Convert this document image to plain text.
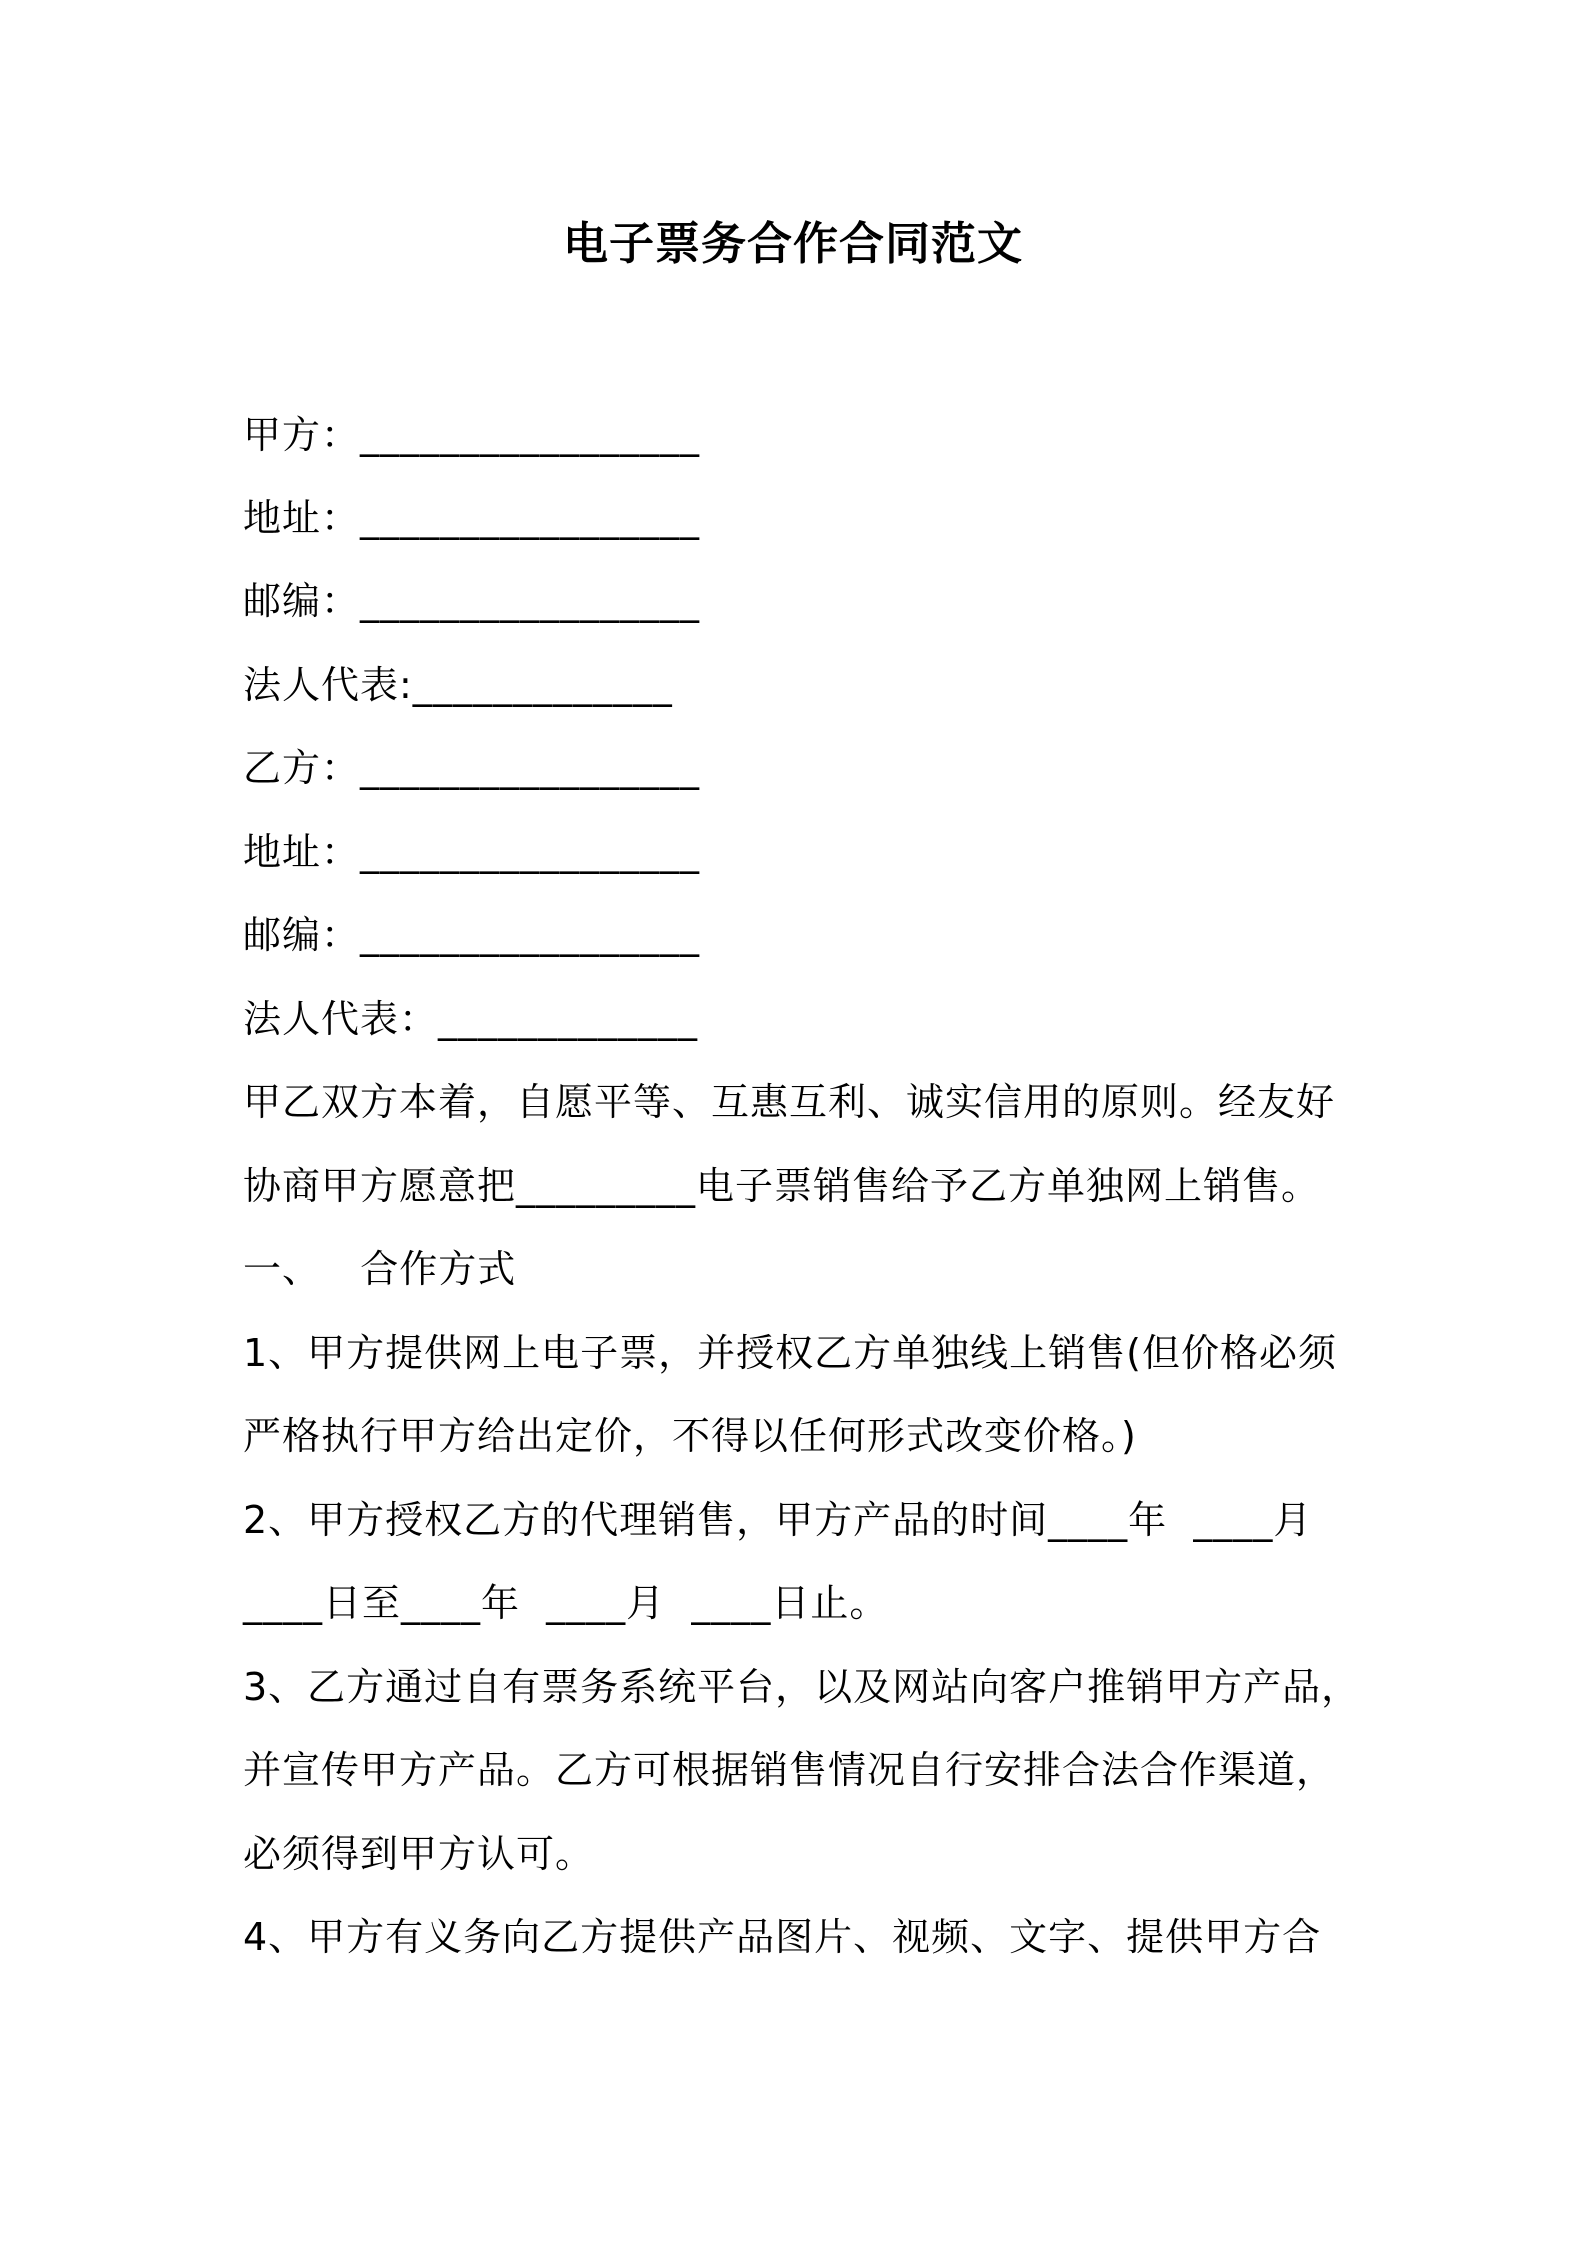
电子票务合作合同范文
甲方：_________________
地址：_________________
邮编：_________________
法人代表:_____________
乙方：_________________
地址：_________________
邮编：_________________
法人代表：_____________
甲乙双方本着，自愿平等、互惠互利、诚实信用的原则。经友好
协商甲方愿意把_________电子票销售给予乙方单独网上销售。
一、   合作方式
1、甲方提供网上电子票，并授权乙方单独线上销售(但价格必须
严格执行甲方给出定价，不得以任何形式改变价格。)
2、甲方授权乙方的代理销售，甲方产品的时间____年  ____月
____日至____年  ____月  ____日止。
3、乙方通过自有票务系统平台，以及网站向客户推销甲方产品，
并宣传甲方产品。乙方可根据销售情况自行安排合法合作渠道，
必须得到甲方认可。
4、甲方有义务向乙方提供产品图片、视频、文字、提供甲方合
